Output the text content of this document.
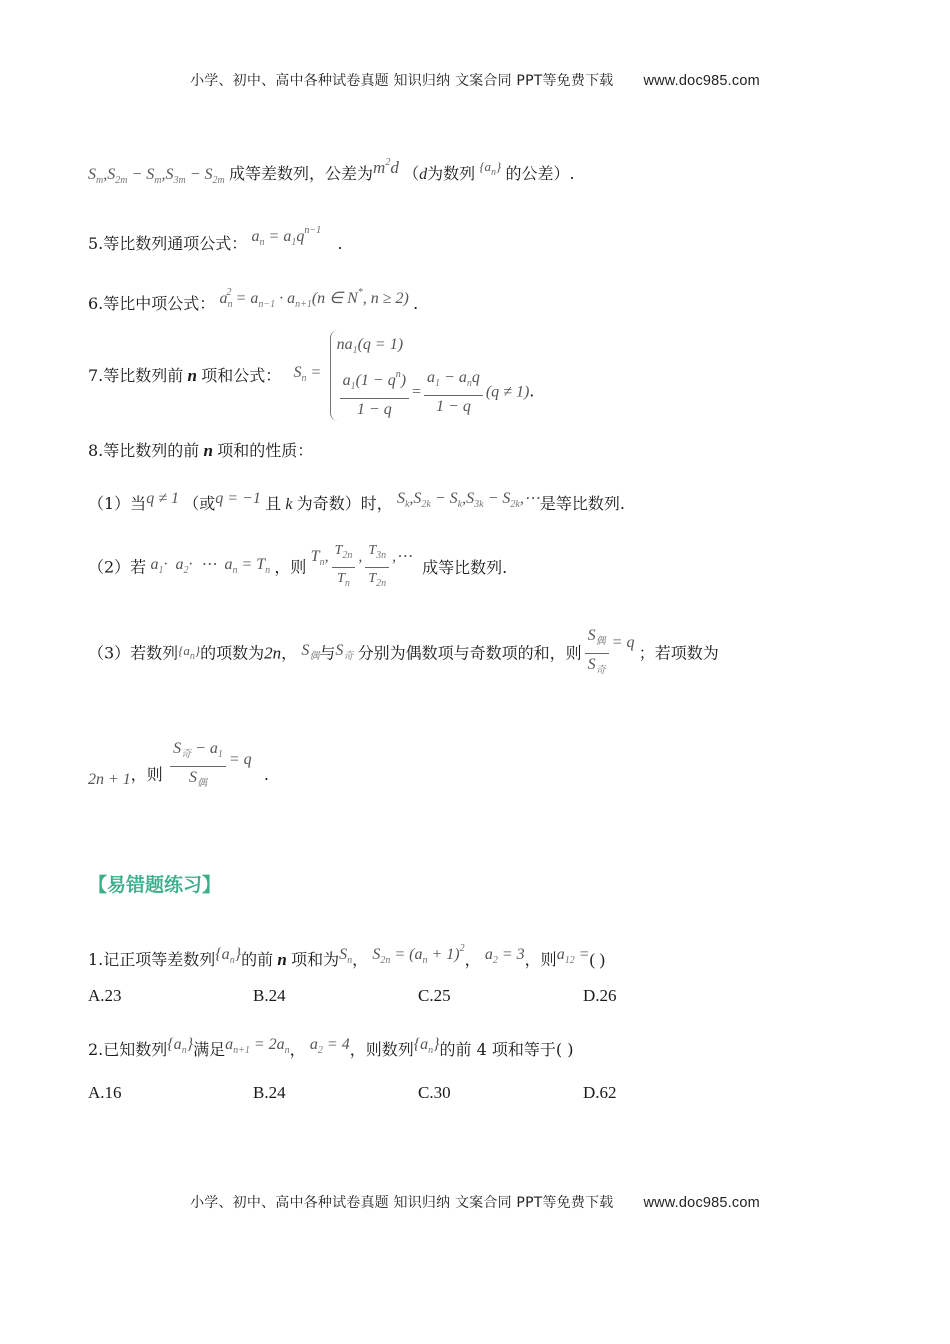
小学、初中、高中各种试卷真题 知识归纳 文案合同 PPT等免费下载 www.doc985.com
$S_m,S_{2m} - S_m,S_{3m} - S_{2m}$ 成等差数列，公差为$m^2d$ （d为数列 $^{\{a_n\}}$ 的公差）.
5.等比数列通项公式： $a_n = a_1q^{n-1}$ .
6.等比中项公式： $a_n^2 = a_{n-1} \cdot a_{n+1}(n$ ∈ N*, n ≥ 2) .
7.等比数列前 n 项和公式： $S_n$ =
$na_1(q = 1)$
$\frac{a_1(1 - q^n)}{1 - q} = \frac{a_1 - a_nq}{1 - q} (q \ne 1)$.
8.等比数列的前 n 项和的性质：
（1）当q ≠ 1 （或q = −1 且 k 为奇数）时， $S_k,S_{2k} - S_k,S_{3k}$ − $S_{2k},\cdots$是等比数列.
（2）若 $a_1\cdot a_2\cdot$  ⋯  $a_n = T_n$ ，则 $T_n$, $\frac{T_{2n}}{T_n}$ , $\frac{T_{3n}}{T_{2n}}$ ,⋯ 成等比数列.
（3）若数列$\{a_n\}$的项数为2n， $S_偶$与$S_奇$ 分别为偶数项与奇数项的和，则 $\frac{S_偶}{S_奇} = q$ ；若项数为
2n + 1，则 $\frac{S_奇 - a_1}{S_偶} = q$ .
【易错题练习】
1.记正项等差数列$\{a_n\}$的前 n 项和为$S_n$， $S_{2n} = (a_n + 1)^2$， $a_2 = 3$，则$a_{12}$ =( )
A.23	B.24	C.25	D.26
2.已知数列$\{a_n\}$满足$a_{n+1} = 2a_n$， $a_2 = 4$，则数列$\{a_n\}$的前 4 项和等于( )
A.16	B.24	C.30	D.62
小学、初中、高中各种试卷真题 知识归纳 文案合同 PPT等免费下载 www.doc985.com
